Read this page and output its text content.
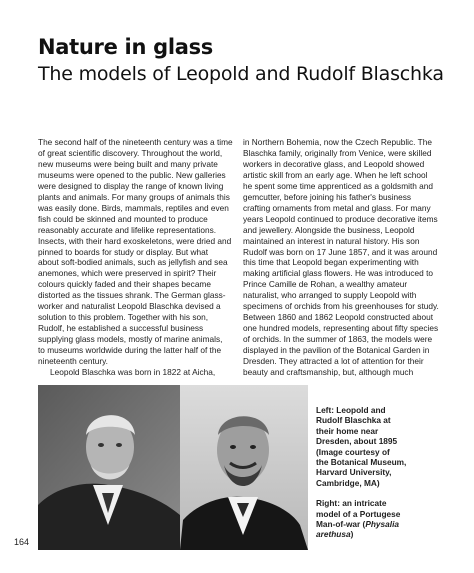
Nature in glass
The models of Leopold and Rudolf Blaschka

The second half of the nineteenth century was a time
of great scientific discovery. Throughout the world,
new museums were being built and many private
museums were opened to the public. New galleries
were designed to display the range of known living
plants and animals. For many groups of animals this
was easily done. Birds, mammals, reptiles and even
fish could be skinned and mounted to produce
reasonably accurate and lifelike representations.
Insects, with their hard exoskeletons, were dried and
pinned to boards for study or display. But what
about soft-bodied animals, such as jellyfish and sea
anemones, which were preserved in spirit? Their
colours quickly faded and their shapes became
distorted as the tissues shrank. The German glass-
worker and naturalist Leopold Blaschka devised a
solution to this problem. Together with his son,
Rudolf, he established a successful business
supplying glass models, mostly of marine animals,
to museums worldwide during the latter half of the
nineteenth century.

Leopold Blaschka was born in 1822 at Aicha,

in Northern Bohemia, now the Czech Republic. The
Blaschka family, originally from Venice, were skilled
workers in decorative glass, and Leopold showed
artistic skill from an early age. When he left school
he spent some time apprenticed as a goldsmith and
gemcutter, before joining his father's business
crafting ornaments from metal and glass. For many
years Leopold continued to produce decorative items
and jewellery. Alongside the business, Leopold
maintained an interest in natural history. His son
Rudolf was born on 17 June 1857, and it was around
this time that Leopold began experimenting with
making artificial glass flowers. He was introduced to
Prince Camille de Rohan, a wealthy amateur
naturalist, who arranged to supply Leopold with
specimens of orchids from his greenhouses for study.
Between 1860 and 1862 Leopold constructed about
one hundred models, representing about fifty species
of orchids. In the summer of 1863, the models were
displayed in the pavilion of the Botanical Garden in
Dresden. They attracted a lot of attention for their
beauty and craftsmanship, but, although much

Left: Leopold and
Rudolf Blaschka at
their home near
Dresden, about 1895
(Image courtesy of
the Botanical Museum,
Harvard University,
Cambridge, MA)

Right: an intricate
model of a Portugese
Man-of-war (Physalia
arethusa)

164
